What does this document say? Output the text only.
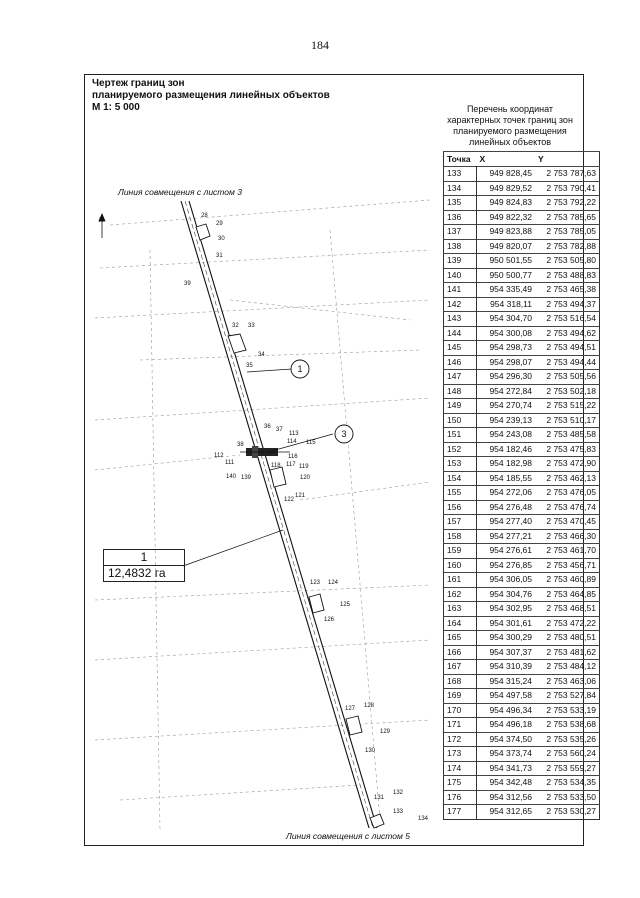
184
Чертеж границ зон
планируемого размещения линейных объектов
М 1: 5 000
N
1
3
28
29
30
31
39
32 33
34
35
36 37
113
114 115
38
112
111
116
117 119
140 139
118
120
121
122
123 124
125
126
127 128
129
130
131
132
133
134
Линия совмещения с листом 3
Линия совмещения с листом 5
1
12,4832 га
Перечень координат
характерных точек границ зон
планируемого размещения
линейных объектов
Точка	X	Y
133	949 828,45	2 753 787,63
134	949 829,52	2 753 790,41
135	949 824,83	2 753 792,22
136	949 822,32	2 753 785,65
137	949 823,88	2 753 785,05
138	949 820,07	2 753 782,88
139	950 501,55	2 753 505,80
140	950 500,77	2 753 488,83
141	954 335,49	2 753 465,38
142	954 318,11	2 753 494,37
143	954 304,70	2 753 516,54
144	954 300,08	2 753 494,62
145	954 298,73	2 753 494,51
146	954 298,07	2 753 494,44
147	954 296,30	2 753 505,56
148	954 272,84	2 753 502,18
149	954 270,74	2 753 515,22
150	954 239,13	2 753 510,17
151	954 243,08	2 753 485,58
152	954 182,46	2 753 475,83
153	954 182,98	2 753 472,90
154	954 185,55	2 753 462,13
155	954 272,06	2 753 476,05
156	954 276,48	2 753 476,74
157	954 277,40	2 753 470,45
158	954 277,21	2 753 466,30
159	954 276,61	2 753 461,70
160	954 276,85	2 753 456,71
161	954 306,05	2 753 460,89
162	954 304,76	2 753 464,85
163	954 302,95	2 753 468,51
164	954 301,61	2 753 472,22
165	954 300,29	2 753 480,51
166	954 307,37	2 753 481,62
167	954 310,39	2 753 484,12
168	954 315,24	2 753 463,06
169	954 497,58	2 753 527,84
170	954 496,34	2 753 533,19
171	954 496,18	2 753 538,68
172	954 374,50	2 753 535,26
173	954 373,74	2 753 560,24
174	954 341,73	2 753 559,27
175	954 342,48	2 753 534,35
176	954 312,56	2 753 533,50
177	954 312,65	2 753 530,27
